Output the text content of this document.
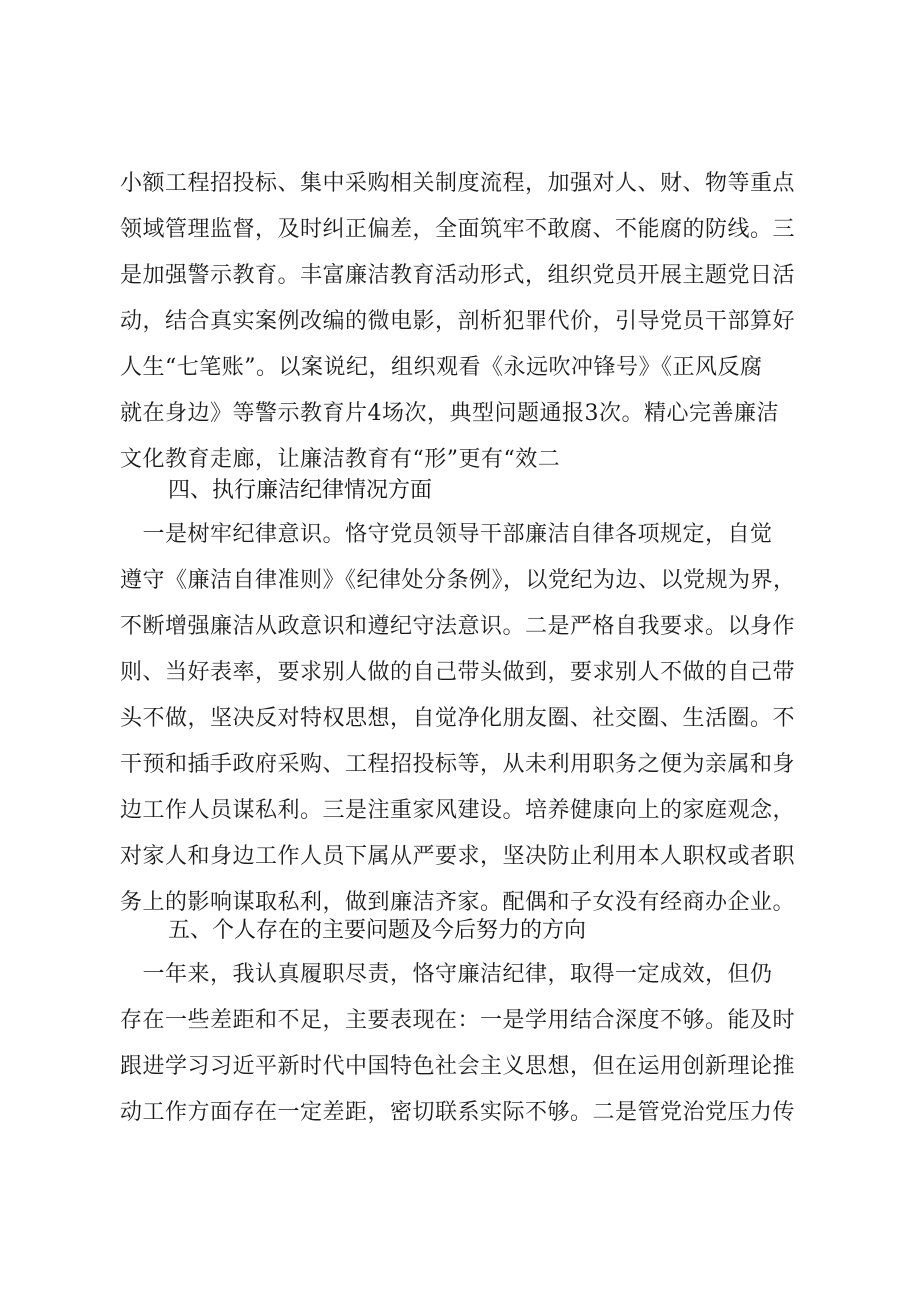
小额工程招投标、集中采购相关制度流程，加强对人、财、物等重点
领域管理监督，及时纠正偏差，全面筑牢不敢腐、不能腐的防线。三
是加强警示教育。丰富廉洁教育活动形式，组织党员开展主题党日活
动，结合真实案例改编的微电影，剖析犯罪代价，引导党员干部算好
人生“七笔账”。以案说纪，组织观看《永远吹冲锋号》《正风反腐
就在身边》等警示教育片4场次，典型问题通报3次。精心完善廉洁
文化教育走廊，让廉洁教育有“形”更有“效二
四、执行廉洁纪律情况方面
　一是树牢纪律意识。恪守党员领导干部廉洁自律各项规定，自觉
遵守《廉洁自律准则》《纪律处分条例》，以党纪为边、以党规为界，
不断增强廉洁从政意识和遵纪守法意识。二是严格自我要求。以身作
则、当好表率，要求别人做的自己带头做到，要求别人不做的自己带
头不做，坚决反对特权思想，自觉净化朋友圈、社交圈、生活圈。不
干预和插手政府采购、工程招投标等，从未利用职务之便为亲属和身
边工作人员谋私利。三是注重家风建设。培养健康向上的家庭观念，
对家人和身边工作人员下属从严要求，坚决防止利用本人职权或者职
务上的影响谋取私利，做到廉洁齐家。配偶和子女没有经商办企业。
五、个人存在的主要问题及今后努力的方向
　一年来，我认真履职尽责，恪守廉洁纪律，取得一定成效，但仍
存在一些差距和不足，主要表现在：一是学用结合深度不够。能及时
跟进学习习近平新时代中国特色社会主义思想，但在运用创新理论推
动工作方面存在一定差距，密切联系实际不够。二是管党治党压力传
